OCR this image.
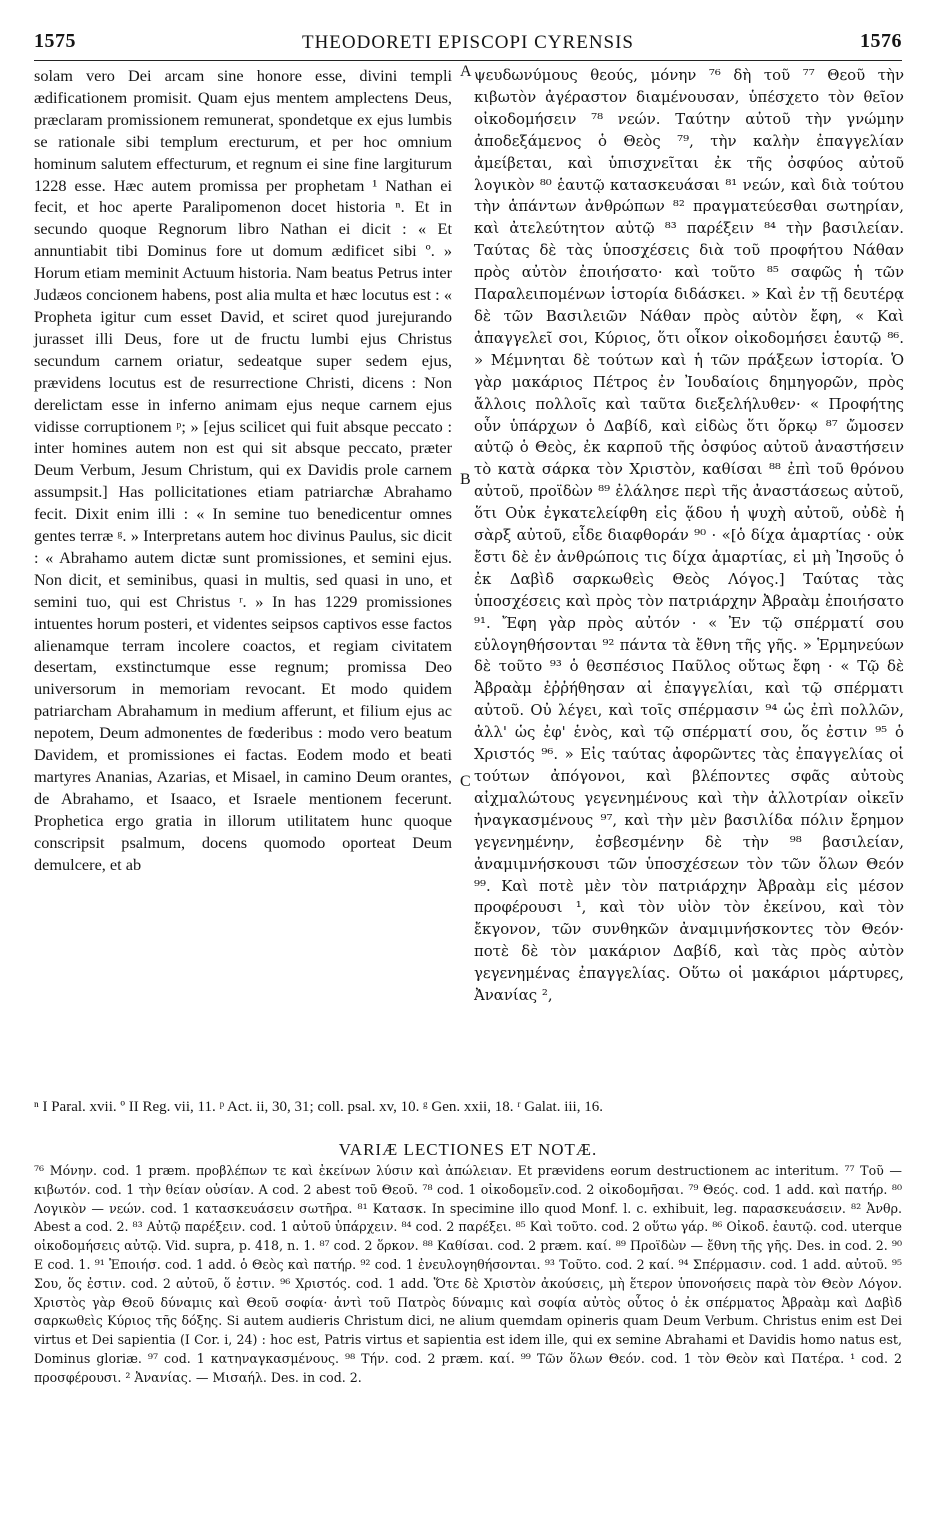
1575	THEODORETI EPISCOPI CYRENSIS	1576

solam vero Dei arcam sine honore esse, divini templi ædificationem promisit. Quam ejus mentem amplectens Deus, præclaram promissionem remunerat, spondetque ex ejus lumbis se rationale sibi templum erecturum, et per hoc omnium hominum salutem effecturum, et regnum ei sine fine largiturum 1228 esse. Hæc autem promissa per prophetam ¹ Nathan ei fecit, et hoc aperte Paralipomenon docet historia ⁿ. Et in secundo quoque Regnorum libro Nathan ei dicit : « Et annuntiabit tibi Dominus fore ut domum ædificet sibi º. » Horum etiam meminit Actuum historia. Nam beatus Petrus inter Judæos concionem habens, post alia multa et hæc locutus est : « Propheta igitur cum esset David, et sciret quod jurejurando jurasset illi Deus, fore ut de fructu lumbi ejus Christus secundum carnem oriatur, sedeatque super sedem ejus, prævidens locutus est de resurrectione Christi, dicens : Non derelictam esse in inferno animam ejus neque carnem ejus vidisse corruptionem ᵖ; » [ejus scilicet qui fuit absque peccato : inter homines autem non est qui sit absque peccato, præter Deum Verbum, Jesum Christum, qui ex Davidis prole carnem assumpsit.] Has pollicitationes etiam patriarchæ Abrahamo fecit. Dixit enim illi : « In semine tuo benedicentur omnes gentes terræ ᵍ. » Interpretans autem hoc divinus Paulus, sic dicit : « Abrahamo autem dictæ sunt promissiones, et semini ejus. Non dicit, et seminibus, quasi in multis, sed quasi in uno, et semini tuo, qui est Christus ʳ. » In has 1229 promissiones intuentes horum posteri, et videntes seipsos captivos esse factos alienamque terram incolere coactos, et regiam civitatem desertam, exstinctumque esse regnum; promissa Deo universorum in memoriam revocant. Et modo quidem patriarcham Abrahamum in medium afferunt, et filium ejus ac nepotem, Deum admonentes de fœderibus : modo vero beatum Davidem, et promissiones ei factas. Eodem modo et beati martyres Ananias, Azarias, et Misael, in camino Deum orantes, de Abrahamo, et Isaaco, et Israele mentionem fecerunt. Prophetica ergo gratia in illorum utilitatem hunc quoque conscripsit psalmum, docens quomodo oporteat Deum demulcere, et ab

ψευδωνύμους θεούς, μόνην ⁷⁶ δὴ τοῦ ⁷⁷ Θεοῦ τὴν κιβωτὸν ἀγέραστον διαμένουσαν, ὑπέσχετο τὸν θεῖον οἰκοδομήσειν ⁷⁸ νεών. Ταύτην αὐτοῦ τὴν γνώμην ἀποδεξάμενος ὁ Θεὸς ⁷⁹, τὴν καλὴν ἐπαγγελίαν ἀμείβεται, καὶ ὑπισχνεῖται ἐκ τῆς ὀσφύος αὐτοῦ λογικὸν ⁸⁰ ἑαυτῷ κατασκευάσαι ⁸¹ νεών, καὶ διὰ τούτου τὴν ἁπάντων ἀνθρώπων ⁸² πραγματεύεσθαι σωτηρίαν, καὶ ἀτελεύτητον αὐτῷ ⁸³ παρέξειν ⁸⁴ τὴν βασιλείαν. Ταύτας δὲ τὰς ὑποσχέσεις διὰ τοῦ προφήτου Νάθαν πρὸς αὐτὸν ἐποιήσατο· καὶ τοῦτο ⁸⁵ σαφῶς ἡ τῶν Παραλειπομένων ἱστορία διδάσκει. » Καὶ ἐν τῇ δευτέρᾳ δὲ τῶν Βασιλειῶν Νάθαν πρὸς αὐτὸν ἔφη, « Καὶ ἀπαγγελεῖ σοι, Κύριος, ὅτι οἶκον οἰκοδομήσει ἑαυτῷ ⁸⁶. » Μέμνηται δὲ τούτων καὶ ἡ τῶν πράξεων ἱστορία. Ὁ γὰρ μακάριος Πέτρος ἐν Ἰουδαίοις δημηγορῶν, πρὸς ἄλλοις πολλοῖς καὶ ταῦτα διεξελήλυθεν· « Προφήτης οὖν ὑπάρχων ὁ Δαβίδ, καὶ εἰδὼς ὅτι ὅρκῳ ⁸⁷ ὤμοσεν αὐτῷ ὁ Θεὸς, ἐκ καρποῦ τῆς ὀσφύος αὐτοῦ ἀναστήσειν τὸ κατὰ σάρκα τὸν Χριστὸν, καθίσαι ⁸⁸ ἐπὶ τοῦ θρόνου αὐτοῦ, προϊδὼν ⁸⁹ ἐλάλησε περὶ τῆς ἀναστάσεως αὐτοῦ, ὅτι Οὐκ ἐγκατελείφθη εἰς ᾅδου ἡ ψυχὴ αὐτοῦ, οὐδὲ ἡ σὰρξ αὐτοῦ, εἶδε διαφθοράν ⁹⁰ · «[ὁ δίχα ἁμαρτίας · οὐκ ἔστι δὲ ἐν ἀνθρώποις τις δίχα ἁμαρτίας, εἰ μὴ Ἰησοῦς ὁ ἐκ Δαβὶδ σαρκωθεὶς Θεὸς Λόγος.] Ταύτας τὰς ὑποσχέσεις καὶ πρὸς τὸν πατριάρχην Ἀβραὰμ ἐποιήσατο ⁹¹. Ἔφη γὰρ πρὸς αὐτόν · « Ἐν τῷ σπέρματί σου εὐλογηθήσονται ⁹² πάντα τὰ ἔθνη τῆς γῆς. » Ἑρμηνεύων δὲ τοῦτο ⁹³ ὁ θεσπέσιος Παῦλος οὕτως ἔφη · « Τῷ δὲ Ἀβραὰμ ἐῤῥήθησαν αἱ ἐπαγγελίαι, καὶ τῷ σπέρματι αὐτοῦ. Οὐ λέγει, καὶ τοῖς σπέρμασιν ⁹⁴ ὡς ἐπὶ πολλῶν, ἀλλ' ὡς ἐφ' ἑνὸς, καὶ τῷ σπέρματί σου, ὅς ἐστιν ⁹⁵ ὁ Χριστός ⁹⁶. » Εἰς ταύτας ἀφορῶντες τὰς ἐπαγγελίας οἱ τούτων ἀπόγονοι, καὶ βλέποντες σφᾶς αὐτοὺς αἰχμαλώτους γεγενημένους καὶ τὴν ἀλλοτρίαν οἰκεῖν ἠναγκασμένους ⁹⁷, καὶ τὴν μὲν βασιλίδα πόλιν ἔρημον γεγενημένην, ἐσβεσμένην δὲ τὴν ⁹⁸ βασιλείαν, ἀναμιμνήσκουσι τῶν ὑποσχέσεων τὸν τῶν ὅλων Θεόν ⁹⁹. Καὶ ποτὲ μὲν τὸν πατριάρχην Ἀβραὰμ εἰς μέσον προφέρουσι ¹, καὶ τὸν υἱὸν τὸν ἐκείνου, καὶ τὸν ἔκγονον, τῶν συνθηκῶν ἀναμιμνήσκοντες τὸν Θεόν· ποτὲ δὲ τὸν μακάριον Δαβίδ, καὶ τὰς πρὸς αὐτὸν γεγενημένας ἐπαγγελίας. Οὕτω οἱ μακάριοι μάρτυρες, Ἀνανίας ²,

A
B
C
ⁿ I Paral. xvii. º II Reg. vii, 11. ᵖ Act. ii, 30, 31; coll. psal. xv, 10. ᵍ Gen. xxii, 18. ʳ Galat. iii, 16.
VARIÆ LECTIONES ET NOTÆ.

⁷⁶ Μόνην. cod. 1 præm. προβλέπων τε καὶ ἐκείνων λύσιν καὶ ἀπώλειαν. Et prævidens eorum destructionem ac interitum. ⁷⁷ Τοῦ — κιβωτόν. cod. 1 τὴν θείαν οὐσίαν. A cod. 2 abest τοῦ Θεοῦ. ⁷⁸ cod. 1 οἰκοδομεῖν.cod. 2 οἰκοδομῆσαι. ⁷⁹ Θεός. cod. 1 add. καὶ πατήρ. ⁸⁰ Λογικὸν — νεών. cod. 1 κατασκευάσειν σωτῆρα. ⁸¹ Κατασκ. In specimine illo quod Monf. l. c. exhibuit, leg. παρασκευάσειν. ⁸² Ἀνθρ. Abest a cod. 2. ⁸³ Αὐτῷ παρέξειν. cod. 1 αὐτοῦ ὑπάρχειν. ⁸⁴ cod. 2 παρέξει. ⁸⁵ Καὶ τοῦτο. cod. 2 οὕτω γάρ. ⁸⁶ Οἰκοδ. ἑαυτῷ. cod. uterque οἰκοδομήσεις αὐτῷ. Vid. supra, p. 418, n. 1. ⁸⁷ cod. 2 ὅρκον. ⁸⁸ Καθίσαι. cod. 2 præm. καί. ⁸⁹ Προϊδὼν — ἔθνη τῆς γῆς. Des. in cod. 2. ⁹⁰ E cod. 1. ⁹¹ Ἐποιήσ. cod. 1 add. ὁ Θεὸς καὶ πατήρ. ⁹² cod. 1 ἐνευλογηθήσονται. ⁹³ Τοῦτο. cod. 2 καί. ⁹⁴ Σπέρμασιν. cod. 1 add. αὐτοῦ. ⁹⁵ Σου, ὅς ἐστιν. cod. 2 αὐτοῦ, ὅ ἐστιν. ⁹⁶ Χριστός. cod. 1 add. Ὅτε δὲ Χριστὸν ἀκούσεις, μὴ ἕτερον ὑπονοήσεις παρὰ τὸν Θεὸν Λόγον. Χριστὸς γὰρ Θεοῦ δύναμις καὶ Θεοῦ σοφία· ἀντὶ τοῦ Πατρὸς δύναμις καὶ σοφία αὐτὸς οὗτος ὁ ἐκ σπέρματος Ἀβραὰμ καὶ Δαβὶδ σαρκωθεὶς Κύριος τῆς δόξης. Si autem audieris Christum dici, ne alium quemdam opineris quam Deum Verbum. Christus enim est Dei virtus et Dei sapientia (I Cor. i, 24) : hoc est, Patris virtus et sapientia est idem ille, qui ex semine Abrahami et Davidis homo natus est, Dominus gloriæ. ⁹⁷ cod. 1 κατηναγκασμένους. ⁹⁸ Τήν. cod. 2 præm. καί. ⁹⁹ Τῶν ὅλων Θεόν. cod. 1 τὸν Θεὸν καὶ Πατέρα. ¹ cod. 2 προσφέρουσι. ² Ἀνανίας. — Μισαήλ. Des. in cod. 2.
